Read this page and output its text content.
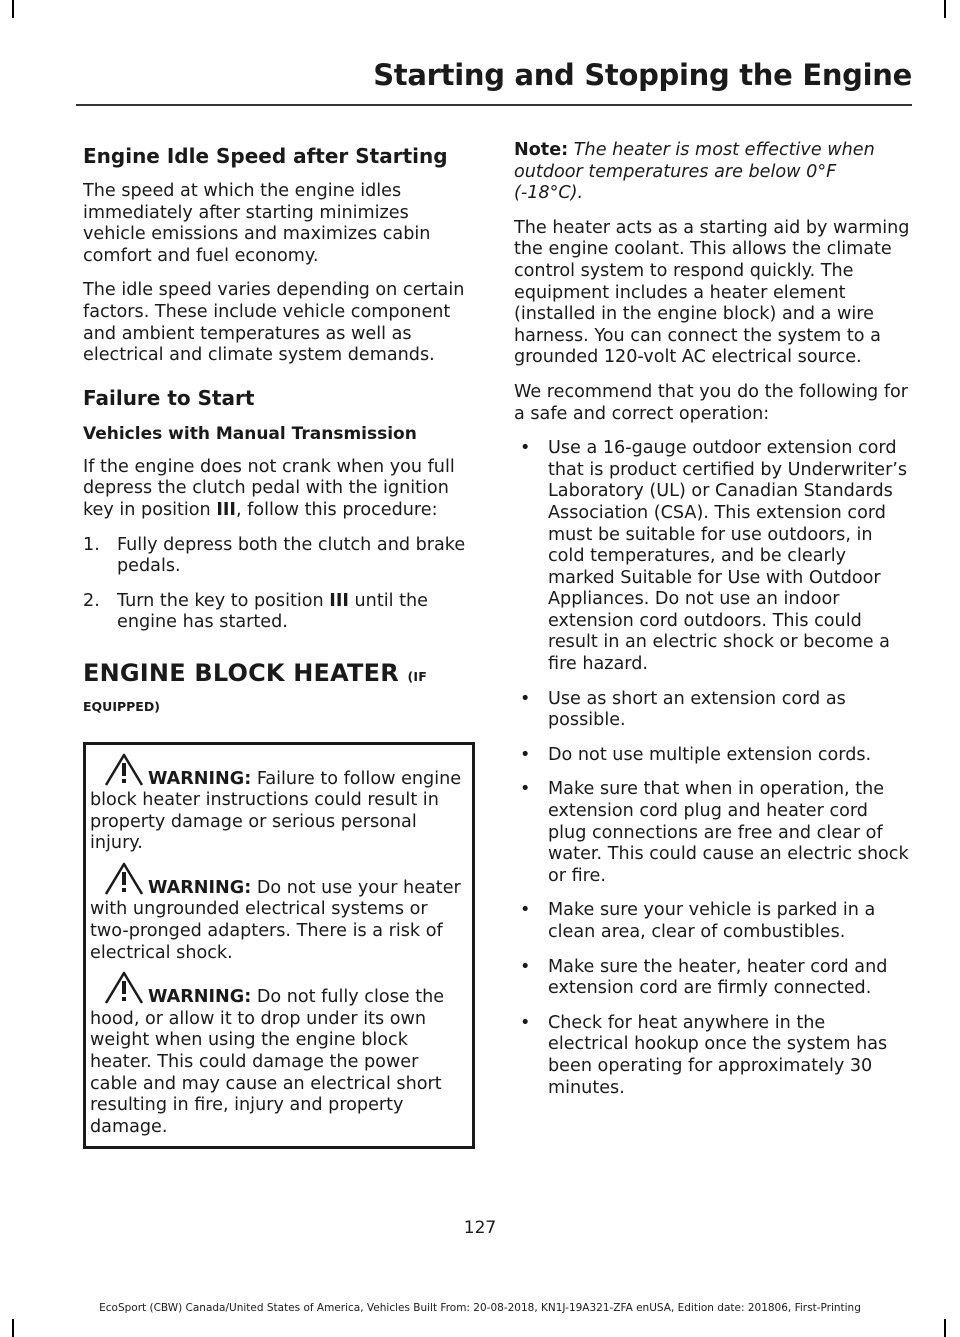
Starting and Stopping the Engine
Engine Idle Speed after Starting

The speed at which the engine idles immediately after starting minimizes vehicle emissions and maximizes cabin comfort and fuel economy.

The idle speed varies depending on certain factors. These include vehicle component and ambient temperatures as well as electrical and climate system demands.

Failure to Start
Vehicles with Manual Transmission

If the engine does not crank when you full depress the clutch pedal with the ignition key in position III, follow this procedure:

1. Fully depress both the clutch and brake pedals.
2. Turn the key to position III until the engine has started.
ENGINE BLOCK HEATER (IF
EQUIPPED)

WARNING: Failure to follow engine block heater instructions could result in property damage or serious personal injury.

WARNING: Do not use your heater with ungrounded electrical systems or two-pronged adapters. There is a risk of electrical shock.

WARNING: Do not fully close the hood, or allow it to drop under its own weight when using the engine block heater. This could damage the power cable and may cause an electrical short resulting in fire, injury and property damage.

Note: The heater is most effective when outdoor temperatures are below 0°F (-18°C).

The heater acts as a starting aid by warming the engine coolant. This allows the climate control system to respond quickly. The equipment includes a heater element (installed in the engine block) and a wire harness. You can connect the system to a grounded 120-volt AC electrical source.

We recommend that you do the following for a safe and correct operation:

• Use a 16-gauge outdoor extension cord that is product certified by Underwriter’s Laboratory (UL) or Canadian Standards Association (CSA). This extension cord must be suitable for use outdoors, in cold temperatures, and be clearly marked Suitable for Use with Outdoor Appliances. Do not use an indoor extension cord outdoors. This could result in an electric shock or become a fire hazard.
• Use as short an extension cord as possible.
• Do not use multiple extension cords.
• Make sure that when in operation, the extension cord plug and heater cord plug connections are free and clear of water. This could cause an electric shock or fire.
• Make sure your vehicle is parked in a clean area, clear of combustibles.
• Make sure the heater, heater cord and extension cord are firmly connected.
• Check for heat anywhere in the electrical hookup once the system has been operating for approximately 30 minutes.
127
EcoSport (CBW) Canada/United States of America, Vehicles Built From: 20-08-2018, KN1J-19A321-ZFA enUSA, Edition date: 201806, First-Printing
